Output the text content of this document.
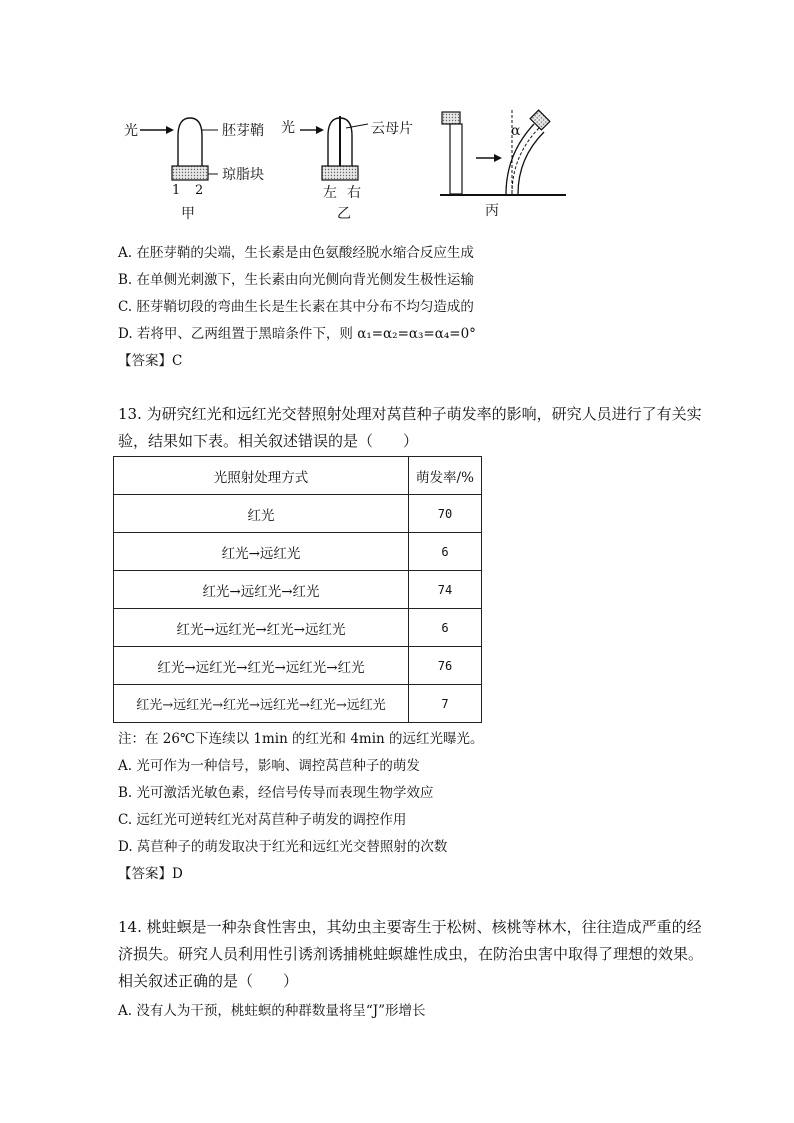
光	胚芽鞘
琼脂块
1 2
甲
光	云母片
左 右
乙
α
丙
A. 在胚芽鞘的尖端，生长素是由色氨酸经脱水缩合反应生成
B. 在单侧光刺激下，生长素由向光侧向背光侧发生极性运输
C. 胚芽鞘切段的弯曲生长是生长素在其中分布不均匀造成的
D. 若将甲、乙两组置于黑暗条件下，则 α₁=α₂=α₃=α₄=0°
【答案】C
13. 为研究红光和远红光交替照射处理对莴苣种子萌发率的影响，研究人员进行了有关实
验，结果如下表。相关叙述错误的是（　　）
光照射处理方式	萌发率/%
红光	70
红光→远红光	6
红光→远红光→红光	74
红光→远红光→红光→远红光	6
红光→远红光→红光→远红光→红光	76
红光→远红光→红光→远红光→红光→远红光	7
注：在 26℃下连续以 1min 的红光和 4min 的远红光曝光。
A. 光可作为一种信号，影响、调控莴苣种子的萌发
B. 光可激活光敏色素，经信号传导而表现生物学效应
C. 远红光可逆转红光对莴苣种子萌发的调控作用
D. 莴苣种子的萌发取决于红光和远红光交替照射的次数
【答案】D
14. 桃蛀螟是一种杂食性害虫，其幼虫主要寄生于松树、核桃等林木，往往造成严重的经
济损失。研究人员利用性引诱剂诱捕桃蛀螟雄性成虫，在防治虫害中取得了理想的效果。
相关叙述正确的是（　　）
A. 没有人为干预，桃蛀螟的种群数量将呈“J”形增长
